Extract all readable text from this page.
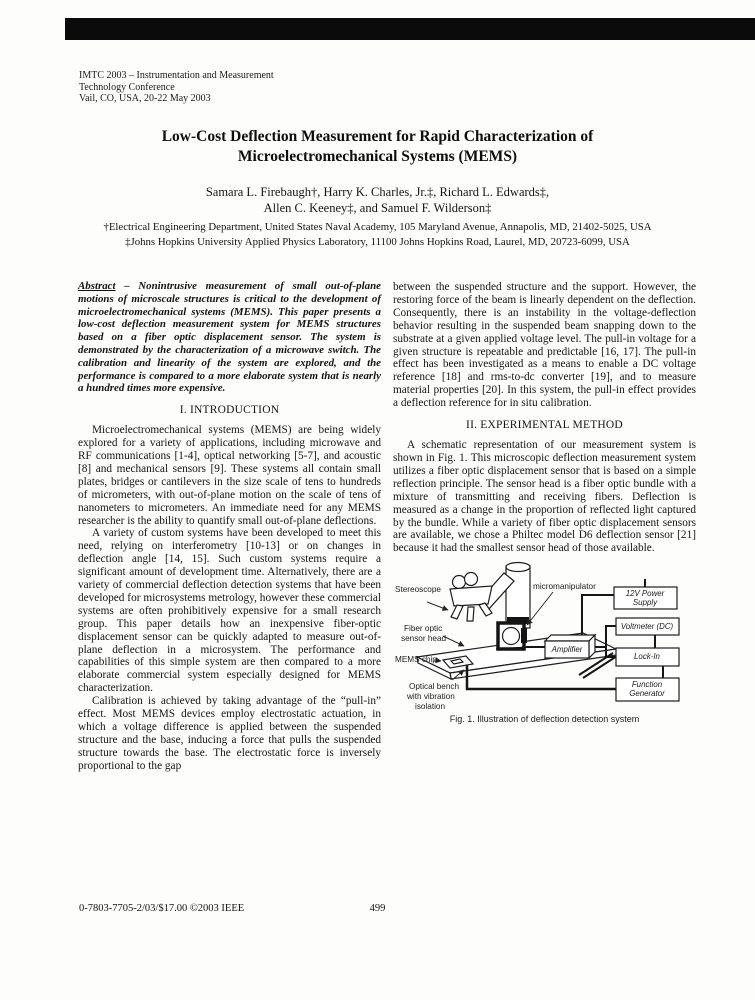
IMTC 2003 – Instrumentation and Measurement
Technology Conference
Vail, CO, USA, 20-22 May 2003
Low-Cost Deflection Measurement for Rapid Characterization of
Microelectromechanical Systems (MEMS)
Samara L. Firebaugh†, Harry K. Charles, Jr.‡, Richard L. Edwards‡,
Allen C. Keeney‡, and Samuel F. Wilderson‡
†Electrical Engineering Department, United States Naval Academy, 105 Maryland Avenue, Annapolis, MD, 21402-5025, USA
‡Johns Hopkins University Applied Physics Laboratory, 11100 Johns Hopkins Road, Laurel, MD, 20723-6099, USA

Abstract – Nonintrusive measurement of small out-of-plane motions of microscale structures is critical to the development of microelectromechanical systems (MEMS). This paper presents a low-cost deflection measurement system for MEMS structures based on a fiber optic displacement sensor. The system is demonstrated by the characterization of a microwave switch. The calibration and linearity of the system are explored, and the performance is compared to a more elaborate system that is nearly a hundred times more expensive.

I. INTRODUCTION

Microelectromechanical systems (MEMS) are being widely explored for a variety of applications, including microwave and RF communications [1-4], optical networking [5-7], and acoustic [8] and mechanical sensors [9]. These systems all contain small plates, bridges or cantilevers in the size scale of tens to hundreds of micrometers, with out-of-plane motion on the scale of tens of nanometers to micrometers. An immediate need for any MEMS researcher is the ability to quantify small out-of-plane deflections.

A variety of custom systems have been developed to meet this need, relying on interferometry [10-13] or on changes in deflection angle [14, 15]. Such custom systems require a significant amount of development time. Alternatively, there are a variety of commercial deflection detection systems that have been developed for microsystems metrology, however these commercial systems are often prohibitively expensive for a small research group. This paper details how an inexpensive fiber-optic displacement sensor can be quickly adapted to measure out-of-plane deflection in a microsystem. The performance and capabilities of this simple system are then compared to a more elaborate commercial system especially designed for MEMS characterization.

Calibration is achieved by taking advantage of the “pull-in” effect. Most MEMS devices employ electrostatic actuation, in which a voltage difference is applied between the suspended structure and the base, inducing a force that pulls the suspended structure towards the base. The electrostatic force is inversely proportional to the gap

between the suspended structure and the support. However, the restoring force of the beam is linearly dependent on the deflection. Consequently, there is an instability in the voltage-deflection behavior resulting in the suspended beam snapping down to the substrate at a given applied voltage level. The pull-in voltage for a given structure is repeatable and predictable [16, 17]. The pull-in effect has been investigated as a means to enable a DC voltage reference [18] and rms-to-dc converter [19], and to measure material properties [20]. In this system, the pull-in effect provides a deflection reference for in situ calibration.

II. EXPERIMENTAL METHOD

A schematic representation of our measurement system is shown in Fig. 1. This microscopic deflection measurement system utilizes a fiber optic displacement sensor that is based on a simple reflection principle. The sensor head is a fiber optic bundle with a mixture of transmitting and receiving fibers. Deflection is measured as a change in the proportion of reflected light captured by the bundle. While a variety of fiber optic displacement sensors are available, we chose a Philtec model D6 deflection sensor [21] because it had the smallest sensor head of those available.

Amplifier
12V Power
Supply
Voltmeter (DC)
Lock-In
Function
Generator
Stereoscope	micromanipulator
Fiber optic
sensor head
MEMS chip
Optical bench
with vibration
isolation
Fig. 1. Illustration of deflection detection system
0-7803-7705-2/03/$17.00 ©2003 IEEE	499
